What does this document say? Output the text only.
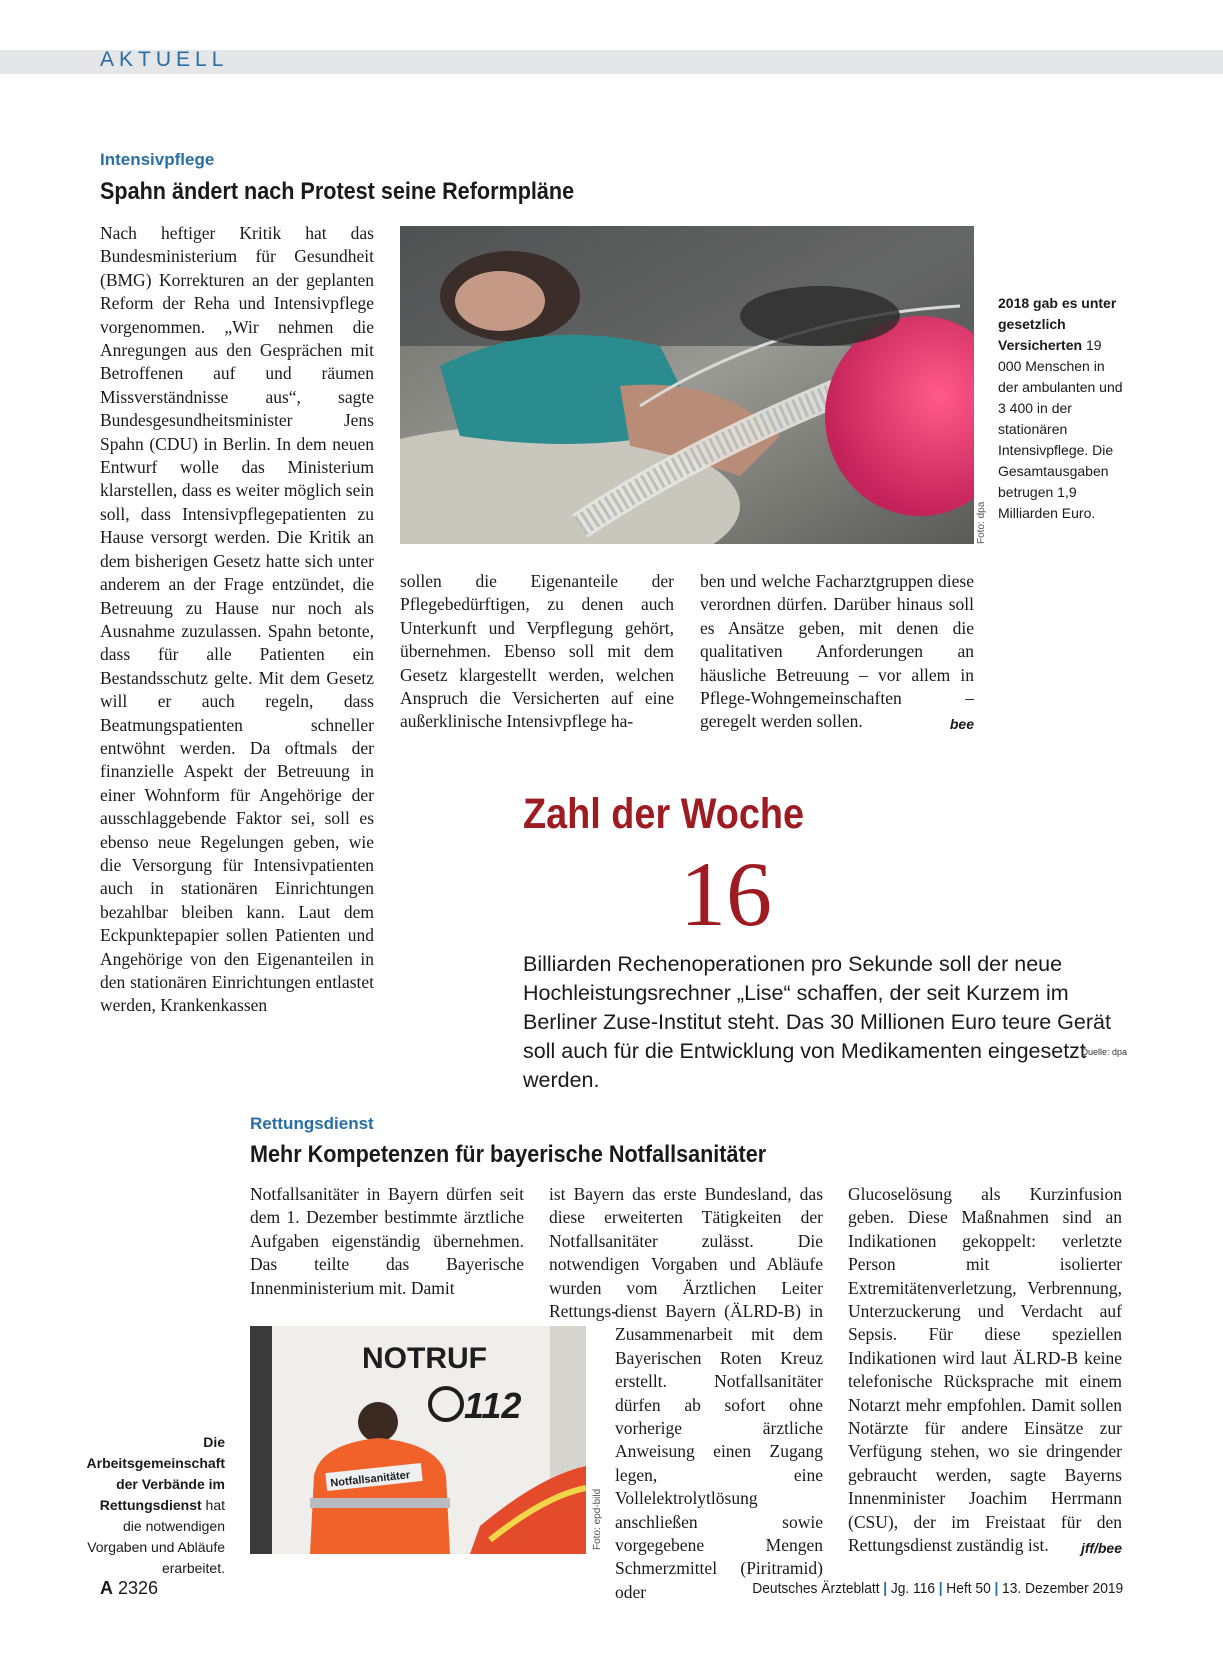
AKTUELL
Intensivpflege
Spahn ändert nach Protest seine Reformpläne

Nach heftiger Kritik hat das Bundesministerium für Gesundheit (BMG) Korrekturen an der geplanten Reform der Reha und Intensivpflege vorgenommen. „Wir nehmen die Anregungen aus den Gesprächen mit Betroffenen auf und räumen Missverständnisse aus“, sagte Bundesgesundheitsminister Jens Spahn (CDU) in Berlin. In dem neuen Entwurf wolle das Ministerium klarstellen, dass es weiter möglich sein soll, dass Intensivpflegepatienten zu Hause versorgt werden. Die Kritik an dem bisherigen Gesetz hatte sich unter anderem an der Frage entzündet, die Betreuung zu Hause nur noch als Ausnahme zuzulassen. Spahn betonte, dass für alle Patienten ein Bestandsschutz gelte. Mit dem Gesetz will er auch regeln, dass Beatmungspatienten schneller entwöhnt werden. Da oftmals der finanzielle Aspekt der Betreuung in einer Wohnform für Angehörige der ausschlaggebende Faktor sei, soll es ebenso neue Regelungen geben, wie die Versorgung für Intensivpatienten auch in stationären Einrichtungen bezahlbar bleiben kann. Laut dem Eckpunktepapier sollen Patienten und Angehörige von den Eigenanteilen in den stationären Einrichtungen entlastet werden, Krankenkassen

Foto: dpa
2018 gab es unter gesetzlich Versicherten 19 000 Menschen in der ambulanten und 3 400 in der stationären Intensivpflege. Die Gesamtausgaben betrugen 1,9 Milliarden Euro.

sollen die Eigenanteile der Pflegebedürftigen, zu denen auch Unterkunft und Verpflegung gehört, übernehmen. Ebenso soll mit dem Gesetz klargestellt werden, welchen Anspruch die Versicherten auf eine außerklinische Intensivpflege ha-

ben und welche Facharztgruppen diese verordnen dürfen. Darüber hinaus soll es Ansätze geben, mit denen die qualitativen Anforderungen an häusliche Betreuung – vor allem in Pflege-Wohngemeinschaften – geregelt werden sollen.	bee

Zahl der Woche
16

Billiarden Rechenoperationen pro Sekunde soll der neue Hochleistungsrechner „Lise“ schaffen, der seit Kurzem im Berliner Zuse-Institut steht. Das 30 Millionen Euro teure Gerät soll auch für die Entwicklung von Medikamenten eingesetzt werden.

Quelle: dpa
Rettungsdienst
Mehr Kompetenzen für bayerische Notfallsanitäter

Notfallsanitäter in Bayern dürfen seit dem 1. Dezember bestimmte ärztliche Aufgaben eigenständig übernehmen. Das teilte das Bayerische Innenministerium mit. Damit

NOTRUF
112
Notfallsanitäter
Foto: epd-bild
Die Arbeitsgemeinschaft der Verbände im Rettungsdienst hat die notwendigen Vorgaben und Abläufe erarbeitet.

ist Bayern das erste Bundesland, das diese erweiterten Tätigkeiten der Notfallsanitäter zulässt. Die notwendigen Vorgaben und Abläufe wurden vom Ärztlichen Leiter Rettungs-

dienst Bayern (ÄLRD-B) in Zusammenarbeit mit dem Bayerischen Roten Kreuz erstellt. Notfallsanitäter dürfen ab sofort ohne vorherige ärztliche Anweisung einen Zugang legen, eine Vollelektrolytlösung anschließen sowie vorgegebene Mengen Schmerzmittel (Piritramid) oder

Glucoselösung als Kurzinfusion geben. Diese Maßnahmen sind an Indikationen gekoppelt: verletzte Person mit isolierter Extremitätenverletzung, Verbrennung, Unterzuckerung und Verdacht auf Sepsis. Für diese speziellen Indikationen wird laut ÄLRD-B keine telefonische Rücksprache mit einem Notarzt mehr empfohlen. Damit sollen Notärzte für andere Einsätze zur Verfügung stehen, wo sie dringender gebraucht werden, sagte Bayerns Innenminister Joachim Herrmann (CSU), der im Freistaat für den Rettungsdienst zuständig ist. jff/bee

A 2326	Deutsches Ärzteblatt | Jg. 116 | Heft 50 | 13. Dezember 2019
